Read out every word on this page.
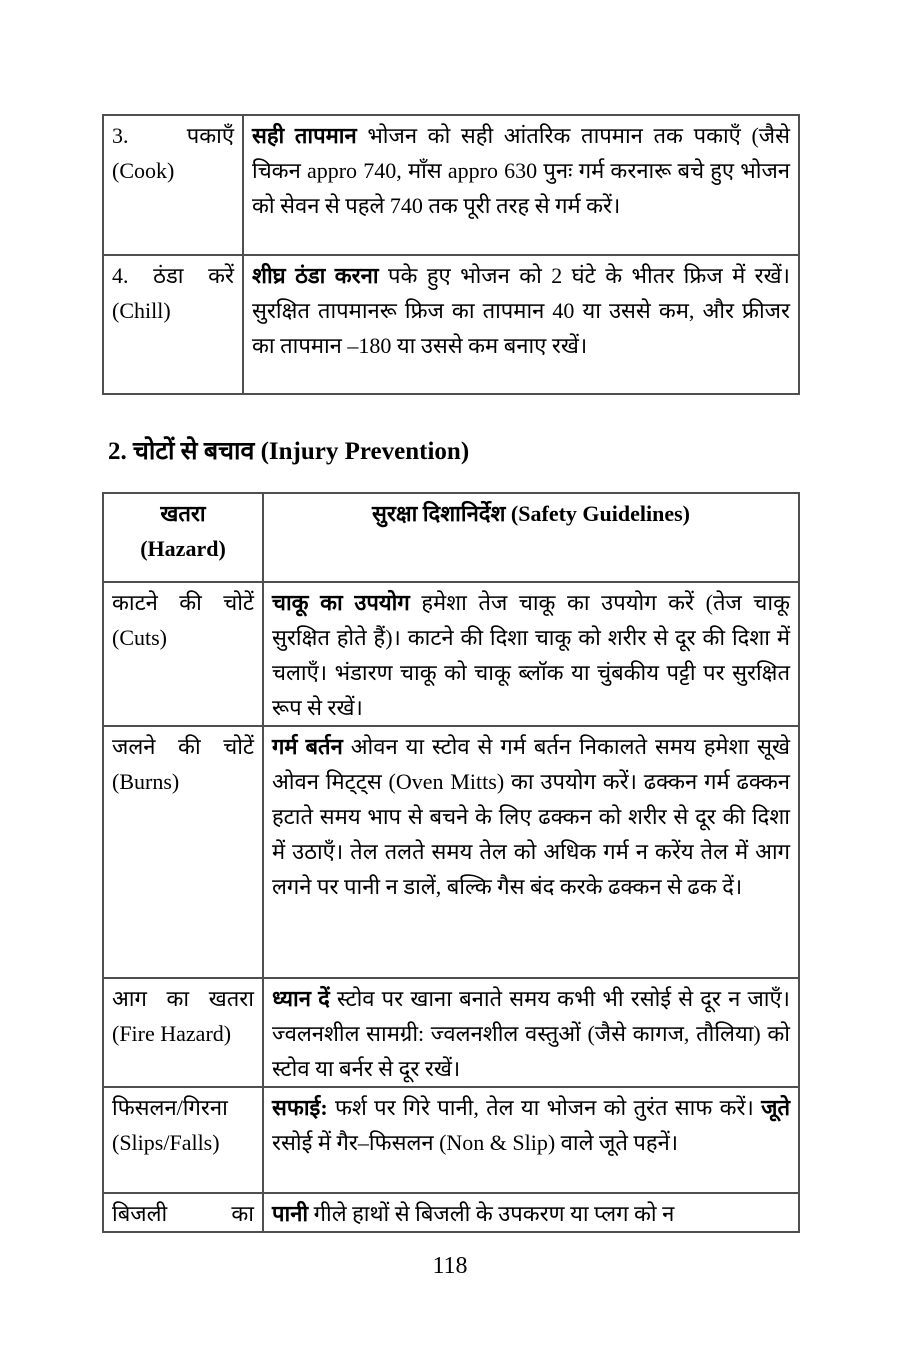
3. पकाएँ
(Cook)	सही तापमान भोजन को सही आंतरिक तापमान तक पकाएँ (जैसे चिकन appro 740, माँस appro 630 पुनः गर्म करनारू बचे हुए भोजन को सेवन से पहले 740 तक पूरी तरह से गर्म करें।

4. ठंडा करें
(Chill)	शीघ्र ठंडा करना पके हुए भोजन को 2 घंटे के भीतर फ्रिज में रखें। सुरक्षित तापमानरू फ्रिज का तापमान 40 या उससे कम, और फ्रीजर का तापमान –180 या उससे कम बनाए रखें।
2. चोटों से बचाव (Injury Prevention)
खतरा
(Hazard)	सुरक्षा दिशानिर्देश (Safety Guidelines)

काटने की चोटें
(Cuts)	चाकू का उपयोग हमेशा तेज चाकू का उपयोग करें (तेज चाकू सुरक्षित होते हैं)। काटने की दिशा चाकू को शरीर से दूर की दिशा में चलाएँ। भंडारण चाकू को चाकू ब्लॉक या चुंबकीय पट्टी पर सुरक्षित रूप से रखें।

जलने की चोटें
(Burns)	गर्म बर्तन ओवन या स्टोव से गर्म बर्तन निकालते समय हमेशा सूखे ओवन मिट्ट्स (Oven Mitts) का उपयोग करें। ढक्कन गर्म ढक्कन हटाते समय भाप से बचने के लिए ढक्कन को शरीर से दूर की दिशा में उठाएँ। तेल तलते समय तेल को अधिक गर्म न करेंय तेल में आग लगने पर पानी न डालें, बल्कि गैस बंद करके ढक्कन से ढक दें।

आग का खतरा
(Fire Hazard)	ध्यान दें स्टोव पर खाना बनाते समय कभी भी रसोई से दूर न जाएँ। ज्वलनशील सामग्री: ज्वलनशील वस्तुओं (जैसे कागज, तौलिया) को स्टोव या बर्नर से दूर रखें।

फिसलन/गिरना
(Slips/Falls)	सफाई: फर्श पर गिरे पानी, तेल या भोजन को तुरंत साफ करें। जूते रसोई में गैर–फिसलन (Non & Slip) वाले जूते पहनें।

बिजली का	पानी गीले हाथों से बिजली के उपकरण या प्लग को न
118
